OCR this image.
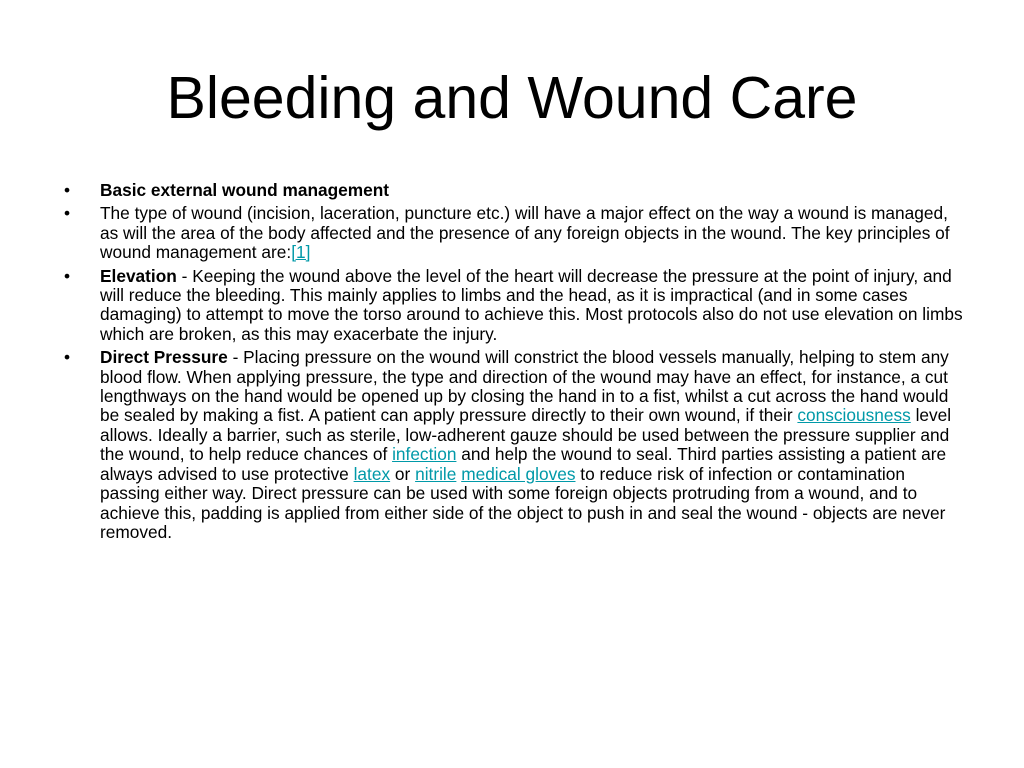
Bleeding and Wound Care
•	Basic external wound management
•	The type of wound (incision, laceration, puncture etc.) will have a major effect on the way a wound is managed, as will the area of the body affected and the presence of any foreign objects in the wound. The key principles of wound management are:[1]
•	Elevation - Keeping the wound above the level of the heart will decrease the pressure at the point of injury, and will reduce the bleeding. This mainly applies to limbs and the head, as it is impractical (and in some cases damaging) to attempt to move the torso around to achieve this. Most protocols also do not use elevation on limbs which are broken, as this may exacerbate the injury.
•	Direct Pressure - Placing pressure on the wound will constrict the blood vessels manually, helping to stem any blood flow. When applying pressure, the type and direction of the wound may have an effect, for instance, a cut lengthways on the hand would be opened up by closing the hand in to a fist, whilst a cut across the hand would be sealed by making a fist. A patient can apply pressure directly to their own wound, if their consciousness level allows. Ideally a barrier, such as sterile, low-adherent gauze should be used between the pressure supplier and the wound, to help reduce chances of infection and help the wound to seal. Third parties assisting a patient are always advised to use protective latex or nitrile medical gloves to reduce risk of infection or contamination passing either way. Direct pressure can be used with some foreign objects protruding from a wound, and to achieve this, padding is applied from either side of the object to push in and seal the wound - objects are never removed.
